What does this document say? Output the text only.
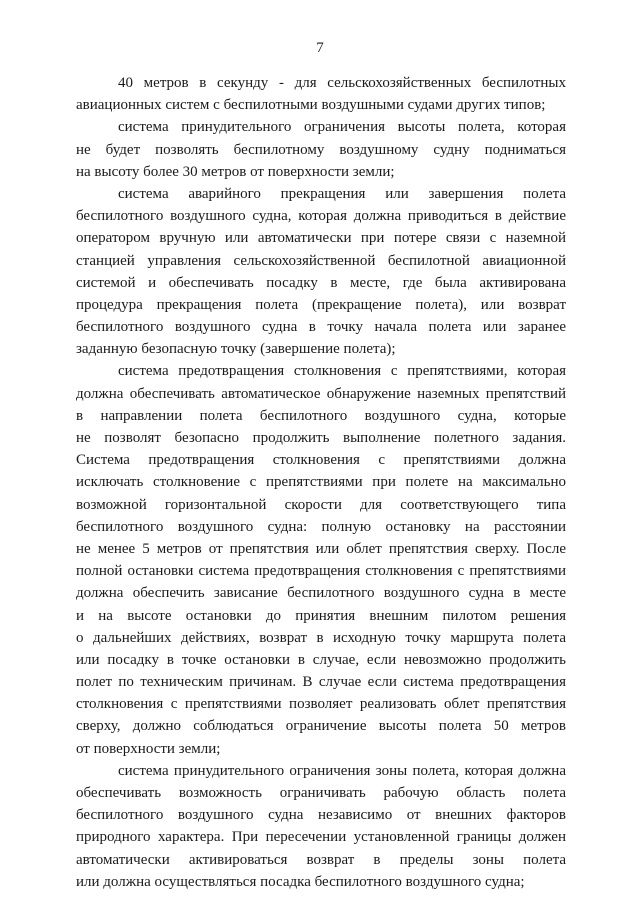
7
40 метров в секунду - для сельскохозяйственных беспилотных
авиационных систем с беспилотными воздушными судами других типов;
система принудительного ограничения высоты полета, которая
не будет позволять беспилотному воздушному судну подниматься
на высоту более 30 метров от поверхности земли;
система аварийного прекращения или завершения полета
беспилотного воздушного судна, которая должна приводиться в действие
оператором вручную или автоматически при потере связи с наземной
станцией управления сельскохозяйственной беспилотной авиационной
системой и обеспечивать посадку в месте, где была активирована
процедура прекращения полета (прекращение полета), или возврат
беспилотного воздушного судна в точку начала полета или заранее
заданную безопасную точку (завершение полета);
система предотвращения столкновения с препятствиями, которая
должна обеспечивать автоматическое обнаружение наземных препятствий
в направлении полета беспилотного воздушного судна, которые
не позволят безопасно продолжить выполнение полетного задания.
Система предотвращения столкновения с препятствиями должна
исключать столкновение с препятствиями при полете на максимально
возможной горизонтальной скорости для соответствующего типа
беспилотного воздушного судна: полную остановку на расстоянии
не менее 5 метров от препятствия или облет препятствия сверху. После
полной остановки система предотвращения столкновения с препятствиями
должна обеспечить зависание беспилотного воздушного судна в месте
и на высоте остановки до принятия внешним пилотом решения
о дальнейших действиях, возврат в исходную точку маршрута полета
или посадку в точке остановки в случае, если невозможно продолжить
полет по техническим причинам. В случае если система предотвращения
столкновения с препятствиями позволяет реализовать облет препятствия
сверху, должно соблюдаться ограничение высоты полета 50 метров
от поверхности земли;
система принудительного ограничения зоны полета, которая должна
обеспечивать возможность ограничивать рабочую область полета
беспилотного воздушного судна независимо от внешних факторов
природного характера. При пересечении установленной границы должен
автоматически активироваться возврат в пределы зоны полета
или должна осуществляться посадка беспилотного воздушного судна;
